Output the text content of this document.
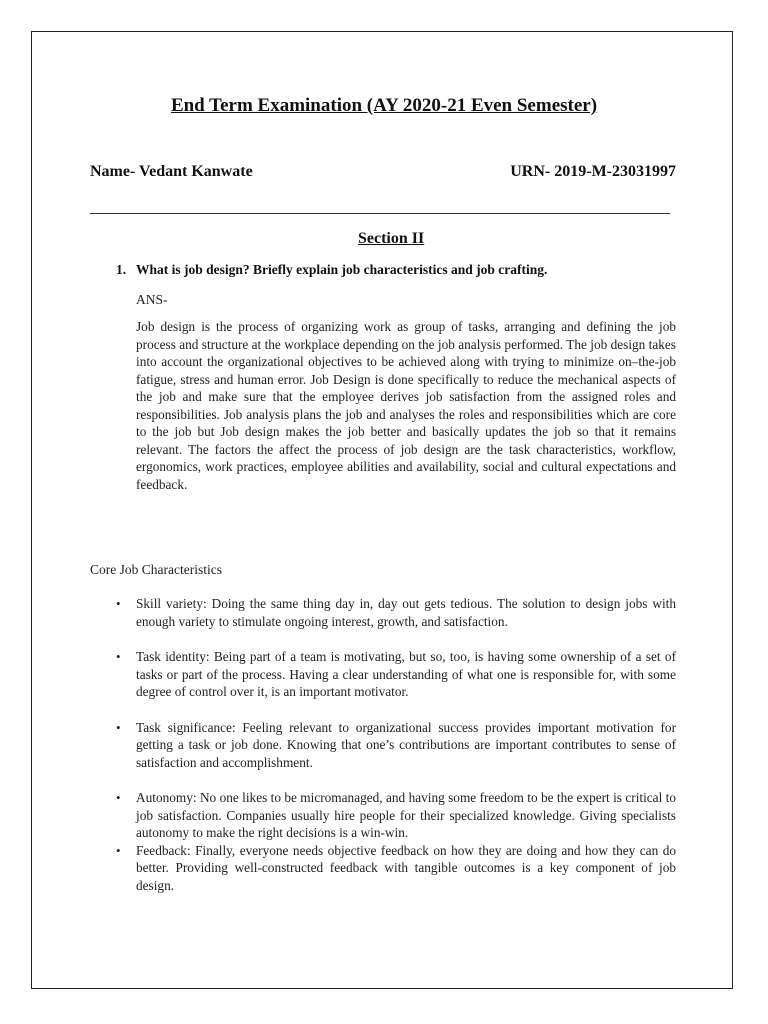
End Term Examination (AY 2020-21 Even Semester)
Name- Vedant Kanwate	URN- 2019-M-23031997
Section II
1. What is job design? Briefly explain job characteristics and job crafting.
ANS-
Job design is the process of organizing work as group of tasks, arranging and defining the job process and structure at the workplace depending on the job analysis performed. The job design takes into account the organizational objectives to be achieved along with trying to minimize on–the-job fatigue, stress and human error. Job Design is done specifically to reduce the mechanical aspects of the job and make sure that the employee derives job satisfaction from the assigned roles and responsibilities. Job analysis plans the job and analyses the roles and responsibilities which are core to the job but Job design makes the job better and basically updates the job so that it remains relevant. The factors the affect the process of job design are the task characteristics, workflow, ergonomics, work practices, employee abilities and availability, social and cultural expectations and feedback.
Core Job Characteristics
• Skill variety: Doing the same thing day in, day out gets tedious. The solution to design jobs with enough variety to stimulate ongoing interest, growth, and satisfaction.
• Task identity: Being part of a team is motivating, but so, too, is having some ownership of a set of tasks or part of the process. Having a clear understanding of what one is responsible for, with some degree of control over it, is an important motivator.
• Task significance: Feeling relevant to organizational success provides important motivation for getting a task or job done. Knowing that one’s contributions are important contributes to sense of satisfaction and accomplishment.
• Autonomy: No one likes to be micromanaged, and having some freedom to be the expert is critical to job satisfaction. Companies usually hire people for their specialized knowledge. Giving specialists autonomy to make the right decisions is a win-win.
• Feedback: Finally, everyone needs objective feedback on how they are doing and how they can do better. Providing well-constructed feedback with tangible outcomes is a key component of job design.
